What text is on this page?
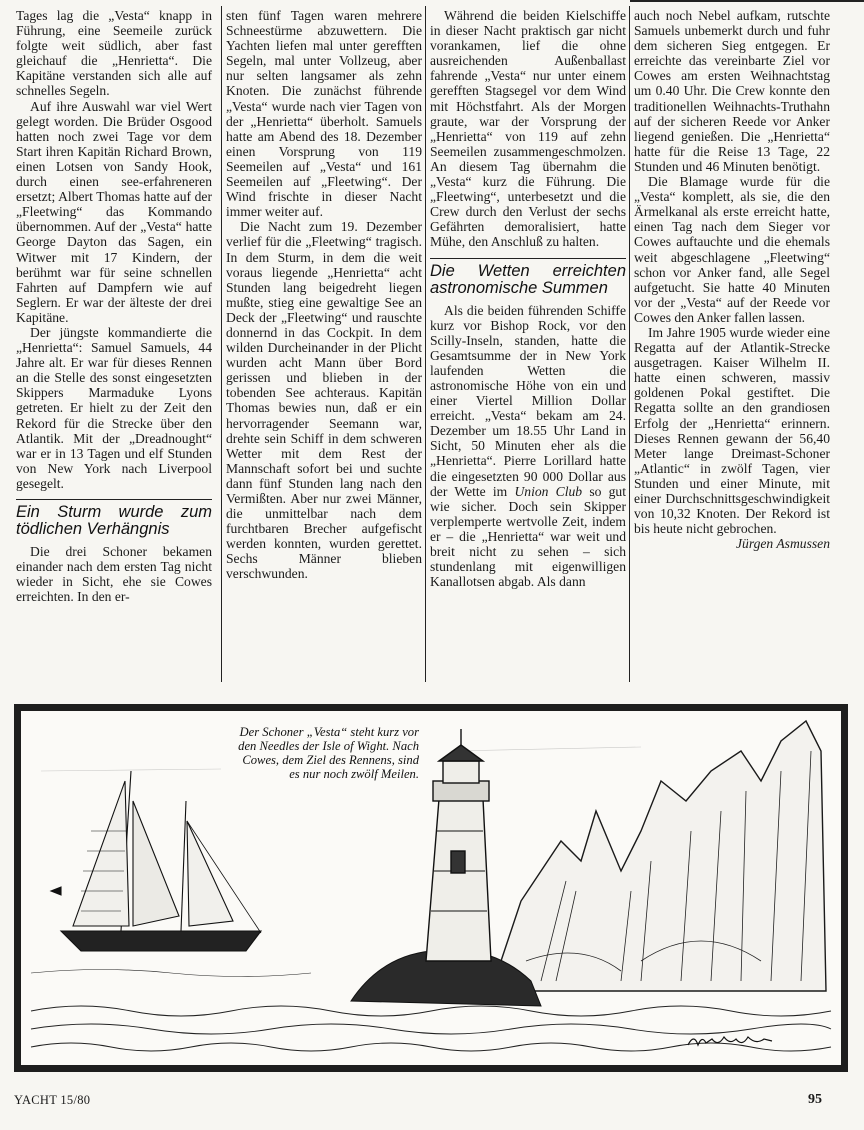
Tages lag die „Vesta“ knapp in Führung, eine Seemeile zurück folgte weit südlich, aber fast gleichauf die „Henrietta“. Die Kapitäne verstanden sich alle auf schnelles Segeln.

Auf ihre Auswahl war viel Wert gelegt worden. Die Brüder Osgood hatten noch zwei Tage vor dem Start ihren Kapitän Richard Brown, einen Lotsen von Sandy Hook, durch einen see-erfahreneren ersetzt; Albert Thomas hatte auf der „Fleetwing“ das Kommando übernommen. Auf der „Vesta“ hatte George Dayton das Sagen, ein Witwer mit 17 Kindern, der berühmt war für seine schnellen Fahrten auf Dampfern wie auf Seglern. Er war der älteste der drei Kapitäne.

Der jüngste kommandierte die „Henrietta“: Samuel Samuels, 44 Jahre alt. Er war für dieses Rennen an die Stelle des sonst eingesetzten Skippers Marmaduke Lyons getreten. Er hielt zu der Zeit den Rekord für die Strecke über den Atlantik. Mit der „Dreadnought“ war er in 13 Tagen und elf Stunden von New York nach Liverpool gesegelt.

Ein Sturm wurde zum tödlichen Verhängnis

Die drei Schoner bekamen einander nach dem ersten Tag nicht wieder in Sicht, ehe sie Cowes erreichten. In den er-

sten fünf Tagen waren mehrere Schneestürme abzuwettern. Die Yachten liefen mal unter gerefften Segeln, mal unter Vollzeug, aber nur selten langsamer als zehn Knoten. Die zunächst führende „Vesta“ wurde nach vier Tagen von der „Henrietta“ überholt. Samuels hatte am Abend des 18. Dezember einen Vorsprung von 119 Seemeilen auf „Vesta“ und 161 Seemeilen auf „Fleetwing“. Der Wind frischte in dieser Nacht immer weiter auf.

Die Nacht zum 19. Dezember verlief für die „Fleetwing“ tragisch. In dem Sturm, in dem die weit voraus liegende „Henrietta“ acht Stunden lang beigedreht liegen mußte, stieg eine gewaltige See an Deck der „Fleetwing“ und rauschte donnernd in das Cockpit. In dem wilden Durcheinander in der Plicht wurden acht Mann über Bord gerissen und blieben in der tobenden See achteraus. Kapitän Thomas bewies nun, daß er ein hervorragender Seemann war, drehte sein Schiff in dem schweren Wetter mit dem Rest der Mannschaft sofort bei und suchte dann fünf Stunden lang nach den Vermißten. Aber nur zwei Männer, die unmittelbar nach dem furchtbaren Brecher aufgefischt werden konnten, wurden gerettet. Sechs Männer blieben verschwunden.

Während die beiden Kielschiffe in dieser Nacht praktisch gar nicht vorankamen, lief die ohne ausreichenden Außenballast fahrende „Vesta“ nur unter einem gerefften Stagsegel vor dem Wind mit Höchstfahrt. Als der Morgen graute, war der Vorsprung der „Henrietta“ von 119 auf zehn Seemeilen zusammengeschmolzen. An diesem Tag übernahm die „Vesta“ kurz die Führung. Die „Fleetwing“, unterbesetzt und die Crew durch den Verlust der sechs Gefährten demoralisiert, hatte Mühe, den Anschluß zu halten.

Die Wetten erreichten astronomische Summen

Als die beiden führenden Schiffe kurz vor Bishop Rock, vor den Scilly-Inseln, standen, hatte die Gesamtsumme der in New York laufenden Wetten die astronomische Höhe von ein und einer Viertel Million Dollar erreicht. „Vesta“ bekam am 24. Dezember um 18.55 Uhr Land in Sicht, 50 Minuten eher als die „Henrietta“. Pierre Lorillard hatte die eingesetzten 90 000 Dollar aus der Wette im Union Club so gut wie sicher. Doch sein Skipper verplemperte wertvolle Zeit, indem er – die „Henrietta“ war weit und breit nicht zu sehen – sich stundenlang mit eigenwilligen Kanallotsen abgab. Als dann

auch noch Nebel aufkam, rutschte Samuels unbemerkt durch und fuhr dem sicheren Sieg entgegen. Er erreichte das vereinbarte Ziel vor Cowes am ersten Weihnachtstag um 0.40 Uhr. Die Crew konnte den traditionellen Weihnachts-Truthahn auf der sicheren Reede vor Anker liegend genießen. Die „Henrietta“ hatte für die Reise 13 Tage, 22 Stunden und 46 Minuten benötigt.

Die Blamage wurde für die „Vesta“ komplett, als sie, die den Ärmelkanal als erste erreicht hatte, einen Tag nach dem Sieger vor Cowes auftauchte und die ehemals weit abgeschlagene „Fleetwing“ schon vor Anker fand, alle Segel aufgetucht. Sie hatte 40 Minuten vor der „Vesta“ auf der Reede vor Cowes den Anker fallen lassen.

Im Jahre 1905 wurde wieder eine Regatta auf der Atlantik-Strecke ausgetragen. Kaiser Wilhelm II. hatte einen schweren, massiv goldenen Pokal gestiftet. Die Regatta sollte an den grandiosen Erfolg der „Henrietta“ erinnern. Dieses Rennen gewann der 56,40 Meter lange Dreimast-Schoner „Atlantic“ in zwölf Tagen, vier Stunden und einer Minute, mit einer Durchschnittsgeschwindigkeit von 10,32 Knoten. Der Rekord ist bis heute nicht gebrochen.

Jürgen Asmussen

Der Schoner „Vesta“ steht kurz vor den Needles der Isle of Wight. Nach Cowes, dem Ziel des Rennens, sind es nur noch zwölf Meilen.
YACHT 15/80	95
